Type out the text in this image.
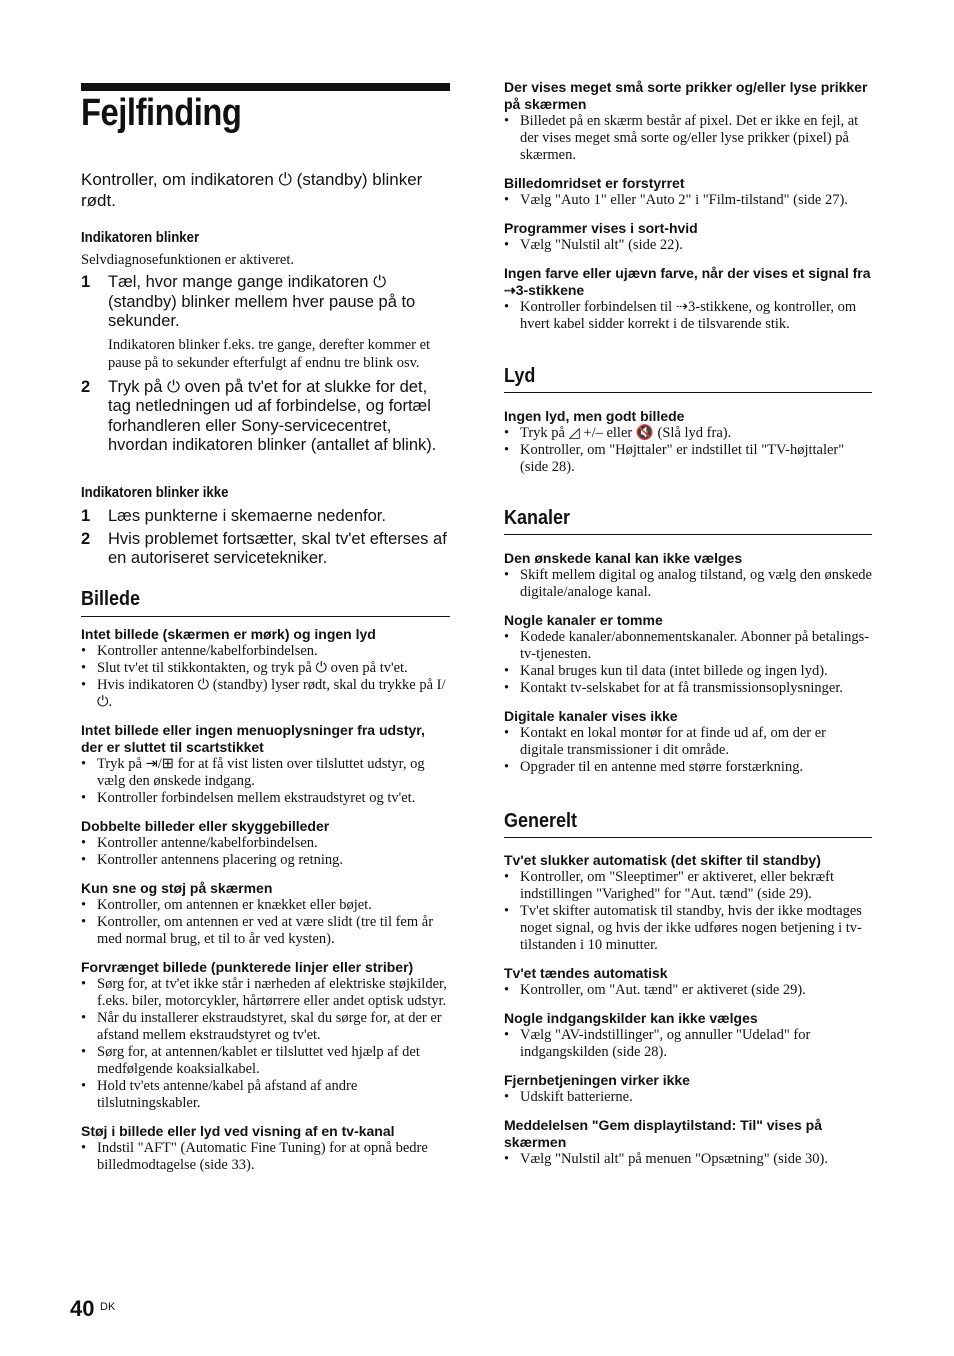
Fejlfinding
Kontroller, om indikatoren ⏻ (standby) blinker rødt.
Indikatoren blinker
Selvdiagnosefunktionen er aktiveret.
1	Tæl, hvor mange gange indikatoren ⏻ (standby) blinker mellem hver pause på to sekunder.
Indikatoren blinker f.eks. tre gange, derefter kommer et pause på to sekunder efterfulgt af endnu tre blink osv.
2	Tryk på ⏻ oven på tv'et for at slukke for det, tag netledningen ud af forbindelse, og fortæl forhandleren eller Sony-servicecentret, hvordan indikatoren blinker (antallet af blink).
Indikatoren blinker ikke
1	Læs punkterne i skemaerne nedenfor.
2	Hvis problemet fortsætter, skal tv'et efterses af en autoriseret servicetekniker.
Billede
Intet billede (skærmen er mørk) og ingen lyd
• Kontroller antenne/kabelforbindelsen.
• Slut tv'et til stikkontakten, og tryk på ⏻ oven på tv'et.
• Hvis indikatoren ⏻ (standby) lyser rødt, skal du trykke på I/⏻.
Intet billede eller ingen menuoplysninger fra udstyr, der er sluttet til scartstikket
• Tryk på ⇥/⊞ for at få vist listen over tilsluttet udstyr, og vælg den ønskede indgang.
• Kontroller forbindelsen mellem ekstraudstyret og tv'et.
Dobbelte billeder eller skyggebilleder
• Kontroller antenne/kabelforbindelsen.
• Kontroller antennens placering og retning.
Kun sne og støj på skærmen
• Kontroller, om antennen er knækket eller bøjet.
• Kontroller, om antennen er ved at være slidt (tre til fem år med normal brug, et til to år ved kysten).
Forvrænget billede (punkterede linjer eller striber)
• Sørg for, at tv'et ikke står i nærheden af elektriske støjkilder, f.eks. biler, motorcykler, hårtørrere eller andet optisk udstyr.
• Når du installerer ekstraudstyret, skal du sørge for, at der er afstand mellem ekstraudstyret og tv'et.
• Sørg for, at antennen/kablet er tilsluttet ved hjælp af det medfølgende koaksialkabel.
• Hold tv'ets antenne/kabel på afstand af andre tilslutningskabler.
Støj i billede eller lyd ved visning af en tv-kanal
• Indstil "AFT" (Automatic Fine Tuning) for at opnå bedre billedmodtagelse (side 33).
Der vises meget små sorte prikker og/eller lyse prikker på skærmen
• Billedet på en skærm består af pixel. Det er ikke en fejl, at der vises meget små sorte og/eller lyse prikker (pixel) på skærmen.
Billedomridset er forstyrret
• Vælg "Auto 1" eller "Auto 2" i "Film-tilstand" (side 27).
Programmer vises i sort-hvid
• Vælg "Nulstil alt" (side 22).
Ingen farve eller ujævn farve, når der vises et signal fra ⇢3-stikkene
• Kontroller forbindelsen til ⇢3-stikkene, og kontroller, om hvert kabel sidder korrekt i de tilsvarende stik.
Lyd
Ingen lyd, men godt billede
• Tryk på ◿ +/– eller 🔇 (Slå lyd fra).
• Kontroller, om "Højttaler" er indstillet til "TV-højttaler" (side 28).
Kanaler
Den ønskede kanal kan ikke vælges
• Skift mellem digital og analog tilstand, og vælg den ønskede digitale/analoge kanal.
Nogle kanaler er tomme
• Kodede kanaler/abonnementskanaler. Abonner på betalings-tv-tjenesten.
• Kanal bruges kun til data (intet billede og ingen lyd).
• Kontakt tv-selskabet for at få transmissionsoplysninger.
Digitale kanaler vises ikke
• Kontakt en lokal montør for at finde ud af, om der er digitale transmissioner i dit område.
• Opgrader til en antenne med større forstærkning.
Generelt
Tv'et slukker automatisk (det skifter til standby)
• Kontroller, om "Sleeptimer" er aktiveret, eller bekræft indstillingen "Varighed" for "Aut. tænd" (side 29).
• Tv'et skifter automatisk til standby, hvis der ikke modtages noget signal, og hvis der ikke udføres nogen betjening i tv-tilstanden i 10 minutter.
Tv'et tændes automatisk
• Kontroller, om "Aut. tænd" er aktiveret (side 29).
Nogle indgangskilder kan ikke vælges
• Vælg "AV-indstillinger", og annuller "Udelad" for indgangskilden (side 28).
Fjernbetjeningen virker ikke
• Udskift batterierne.
Meddelelsen "Gem displaytilstand: Til" vises på skærmen
• Vælg "Nulstil alt" på menuen "Opsætning" (side 30).
40 DK
